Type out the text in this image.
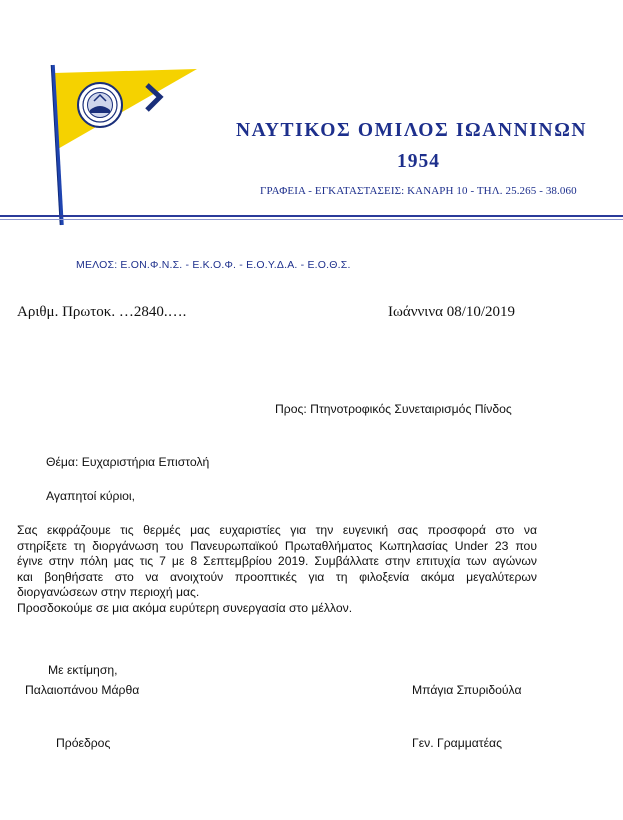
ΝΑΥΤΙΚΟΣ ΟΜΙΛΟΣ ΙΩΑΝΝΙΝΩΝ
1954
ΓΡΑΦΕΙΑ - ΕΓΚΑΤΑΣΤΑΣΕΙΣ: ΚΑΝΑΡΗ 10 - ΤΗΛ. 25.265 - 38.060
ΜΕΛΟΣ: Ε.ΟΝ.Φ.Ν.Σ. - Ε.Κ.Ο.Φ. - Ε.Ο.Υ.Δ.Α. - Ε.Ο.Θ.Σ.
Αριθμ. Πρωτοκ. …2840.….	Ιωάννινα 08/10/2019
Προς: Πτηνοτροφικός Συνεταιρισμός Πίνδος
Θέμα: Ευχαριστήρια Επιστολή
Αγαπητοί κύριοι,
Σας εκφράζουμε τις θερμές μας ευχαριστίες για την ευγενική σας προσφορά στο να
στηρίξετε τη διοργάνωση του Πανευρωπαϊκού Πρωταθλήματος Κωπηλασίας Under 23 που
έγινε στην πόλη μας τις 7 με 8 Σεπτεμβρίου 2019. Συμβάλλατε στην επιτυχία των αγώνων
και βοηθήσατε στο να ανοιχτούν προοπτικές για τη φιλοξενία ακόμα μεγαλύτερων
διοργανώσεων στην περιοχή μας.
Προσδοκούμε σε μια ακόμα ευρύτερη συνεργασία στο μέλλον.
Με εκτίμηση,
Παλαιοπάνου Μάρθα	Μπάγια Σπυριδούλα
Πρόεδρος	Γεν. Γραμματέας
